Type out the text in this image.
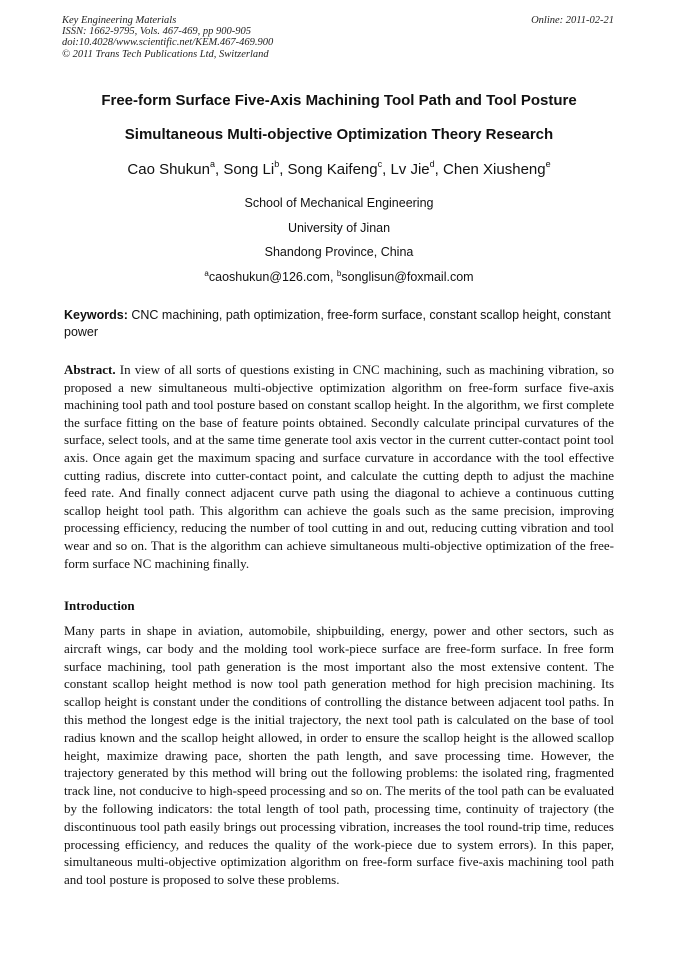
Key Engineering Materials
ISSN: 1662-9795, Vols. 467-469, pp 900-905
doi:10.4028/www.scientific.net/KEM.467-469.900
© 2011 Trans Tech Publications Ltd, Switzerland
Online: 2011-02-21
Free-form Surface Five-Axis Machining Tool Path and Tool Posture
Simultaneous Multi-objective Optimization Theory Research
Cao Shukun$^a$, Song Li$^b$, Song Kaifeng$^c$, Lv Jie$^d$, Chen Xiusheng$^e$
School of Mechanical Engineering
University of Jinan
Shandong Province, China
$^a$caoshukun@126.com, $^b$songlisun@foxmail.com
Keywords: CNC machining, path optimization, free-form surface, constant scallop height, constant power
Abstract. In view of all sorts of questions existing in CNC machining, such as machining vibration, so proposed a new simultaneous multi-objective optimization algorithm on free-form surface five-axis machining tool path and tool posture based on constant scallop height. In the algorithm, we first complete the surface fitting on the base of feature points obtained. Secondly calculate principal curvatures of the surface, select tools, and at the same time generate tool axis vector in the current cutter-contact point tool axis. Once again get the maximum spacing and surface curvature in accordance with the tool effective cutting radius, discrete into cutter-contact point, and calculate the cutting depth to adjust the machine feed rate. And finally connect adjacent curve path using the diagonal to achieve a continuous cutting scallop height tool path. This algorithm can achieve the goals such as the same precision, improving processing efficiency, reducing the number of tool cutting in and out, reducing cutting vibration and tool wear and so on. That is the algorithm can achieve simultaneous multi-objective optimization of the free-form surface NC machining finally.
Introduction
Many parts in shape in aviation, automobile, shipbuilding, energy, power and other sectors, such as aircraft wings, car body and the molding tool work-piece surface are free-form surface. In free form surface machining, tool path generation is the most important also the most extensive content. The constant scallop height method is now tool path generation method for high precision machining. Its scallop height is constant under the conditions of controlling the distance between adjacent tool paths. In this method the longest edge is the initial trajectory, the next tool path is calculated on the base of tool radius known and the scallop height allowed, in order to ensure the scallop height is the allowed scallop height, maximize drawing pace, shorten the path length, and save processing time. However, the trajectory generated by this method will bring out the following problems: the isolated ring, fragmented track line, not conducive to high-speed processing and so on. The merits of the tool path can be evaluated by the following indicators: the total length of tool path, processing time, continuity of trajectory (the discontinuous tool path easily brings out processing vibration, increases the tool round-trip time, reduces processing efficiency, and reduces the quality of the work-piece due to system errors). In this paper, simultaneous multi-objective optimization algorithm on free-form surface five-axis machining tool path and tool posture is proposed to solve these problems.
